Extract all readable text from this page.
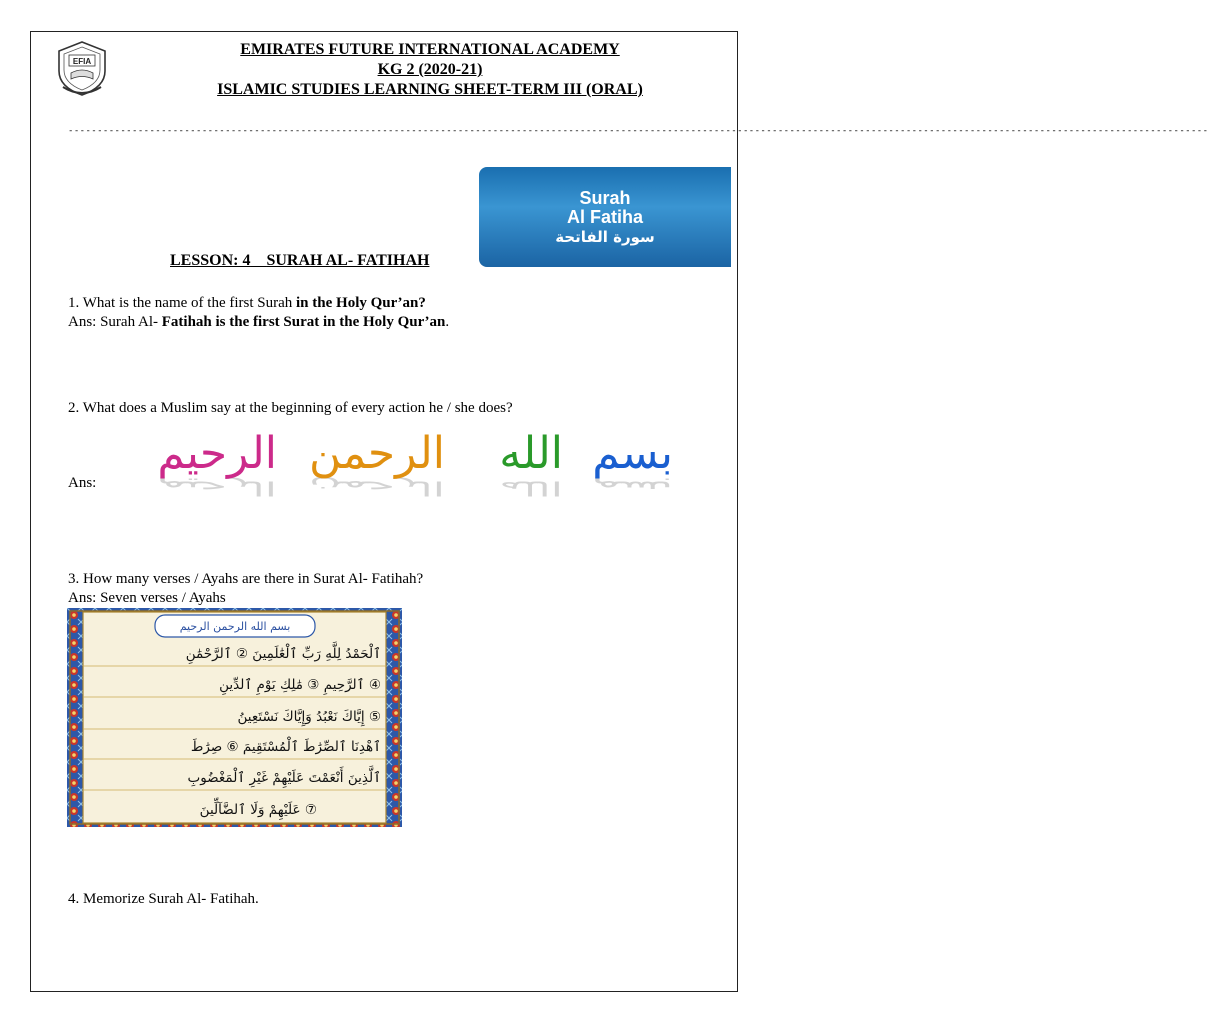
EFIA
EMIRATES FUTURE INTERNATIONAL ACADEMY
KG 2 (2020-21)
ISLAMIC STUDIES LEARNING SHEET-TERM III (ORAL)
----------------------------------------------------------------------------------------------------------------------------------------------------------------------------------------------------
Surah
Al Fatiha
سورة الفاتحة
LESSON: 4 SURAH AL- FATIHAH
1. What is the name of the first Surah in the Holy Qur’an?
Ans: Surah Al- Fatihah is the first Surat in the Holy Qur’an.
2. What does a Muslim say at the beginning of every action he / she does?
Ans:	بسم
الله
الرحمن
الرحيم
بسم
الله
الرحمن
الرحيم
3. How many verses / Ayahs are there in Surat Al- Fatihah?
Ans: Seven verses / Ayahs
بسم الله الرحمن الرحيم
ٱلْحَمْدُ لِلَّهِ رَبِّ ٱلْعَٰلَمِينَ ② ٱلرَّحْمَٰنِ
ٱلرَّحِيمِ ③ مَٰلِكِ يَوْمِ ٱلدِّينِ ④
إِيَّاكَ نَعْبُدُ وَإِيَّاكَ نَسْتَعِينُ ⑤
ٱهْدِنَا ٱلصِّرَٰطَ ٱلْمُسْتَقِيمَ ⑥ صِرَٰطَ
ٱلَّذِينَ أَنْعَمْتَ عَلَيْهِمْ غَيْرِ ٱلْمَغْضُوبِ
عَلَيْهِمْ وَلَا ٱلضَّآلِّينَ ⑦
4. Memorize Surah Al- Fatihah.
